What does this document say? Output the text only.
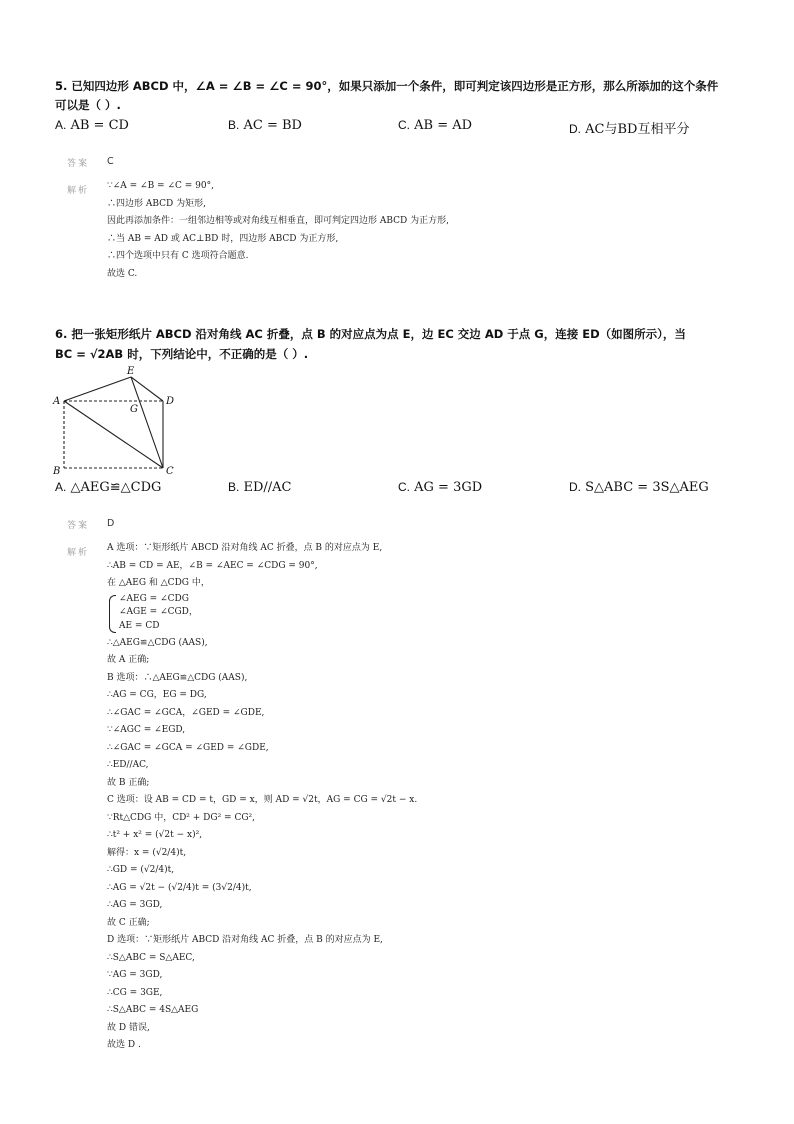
5. 已知四边形 ABCD 中，∠A = ∠B = ∠C = 90°，如果只添加一个条件，即可判定该四边形是正方形，那么所添加的这个条件
可以是（ ）.
A. AB = CD	B. AC = BD	C. AB = AD	D. AC与BD互相平分
答案 C
解析 ∵∠A = ∠B = ∠C = 90°,
∴四边形 ABCD 为矩形,
因此再添加条件：一组邻边相等或对角线互相垂直，即可判定四边形 ABCD 为正方形,
∴当 AB = AD 或 AC⊥BD 时，四边形 ABCD 为正方形,
∴四个选项中只有 C 选项符合题意.
故选 C.
6. 把一张矩形纸片 ABCD 沿对角线 AC 折叠，点 B 的对应点为点 E，边 EC 交边 AD 于点 G，连接 ED（如图所示），当
BC = √2AB 时，下列结论中，不正确的是（ ）.
A
B	C
D
E
G
A. △AEG≌△CDG	B. ED//AC	C. AG = 3GD	D. S△ABC = 3S△AEG
答案 D
解析 A 选项：∵矩形纸片 ABCD 沿对角线 AC 折叠，点 B 的对应点为 E,
∴AB = CD = AE，∠B = ∠AEC = ∠CDG = 90°,
在 △AEG 和 △CDG 中，
∠AEG = ∠CDG
∠AGE = ∠CGD，
AE = CD
∴△AEG≌△CDG (AAS),
故 A 正确;
B 选项：∴△AEG≌△CDG (AAS),
∴AG = CG，EG = DG,
∴∠GAC = ∠GCA，∠GED = ∠GDE,
∵∠AGC = ∠EGD,
∴∠GAC = ∠GCA = ∠GED = ∠GDE,
∴ED//AC,
故 B 正确;
C 选项：设 AB = CD = t，GD = x，则 AD = √2t，AG = CG = √2t − x.
∵Rt△CDG 中，CD² + DG² = CG²,
∴t² + x² = (√2t − x)²,
解得：x = (√2/4)t,
∴GD = (√2/4)t,
∴AG = √2t − (√2/4)t = (3√2/4)t,
∴AG = 3GD,
故 C 正确;
D 选项：∵矩形纸片 ABCD 沿对角线 AC 折叠，点 B 的对应点为 E,
∴S△ABC = S△AEC,
∵AG = 3GD,
∴CG = 3GE,
∴S△ABC = 4S△AEG
故 D 错误,
故选 D .
